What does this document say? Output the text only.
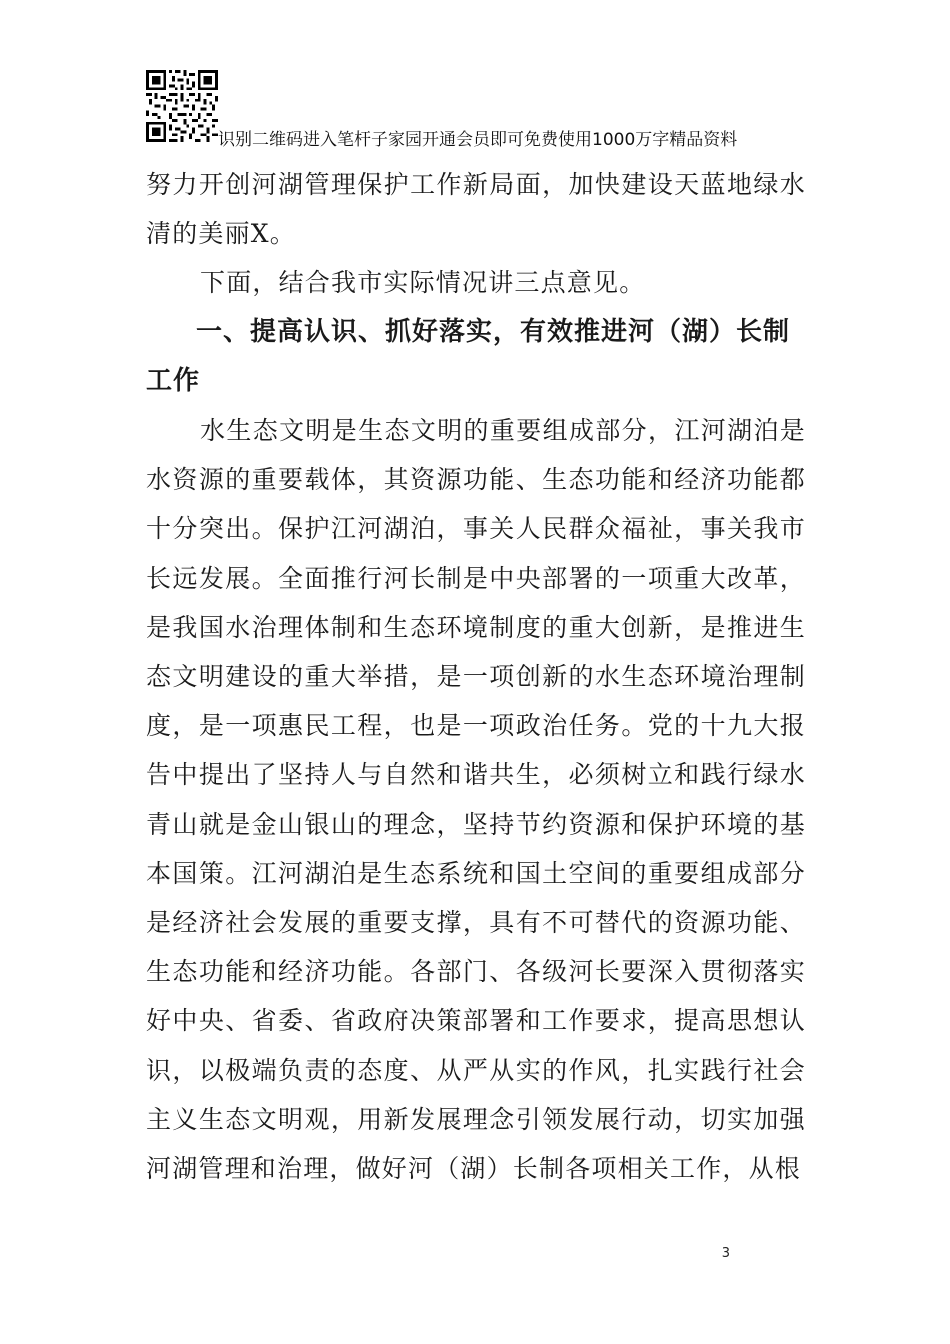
识别二维码进入笔杆子家园开通会员即可免费使用1000万字精品资料

努力开创河湖管理保护工作新局面，加快建设天蓝地绿水清的美丽X。

下面，结合我市实际情况讲三点意见。

一、提高认识、抓好落实，有效推进河（湖）长制工作

水生态文明是生态文明的重要组成部分，江河湖泊是水资源的重要载体，其资源功能、生态功能和经济功能都十分突出。保护江河湖泊，事关人民群众福祉，事关我市长远发展。全面推行河长制是中央部署的一项重大改革，是我国水治理体制和生态环境制度的重大创新，是推进生态文明建设的重大举措，是一项创新的水生态环境治理制度，是一项惠民工程，也是一项政治任务。党的十九大报告中提出了坚持人与自然和谐共生，必须树立和践行绿水青山就是金山银山的理念，坚持节约资源和保护环境的基本国策。江河湖泊是生态系统和国土空间的重要组成部分是经济社会发展的重要支撑，具有不可替代的资源功能、生态功能和经济功能。各部门、各级河长要深入贯彻落实好中央、省委、省政府决策部署和工作要求，提高思想认识，以极端负责的态度、从严从实的作风，扎实践行社会主义生态文明观，用新发展理念引领发展行动，切实加强河湖管理和治理，做好河（湖）长制各项相关工作，从根

3
